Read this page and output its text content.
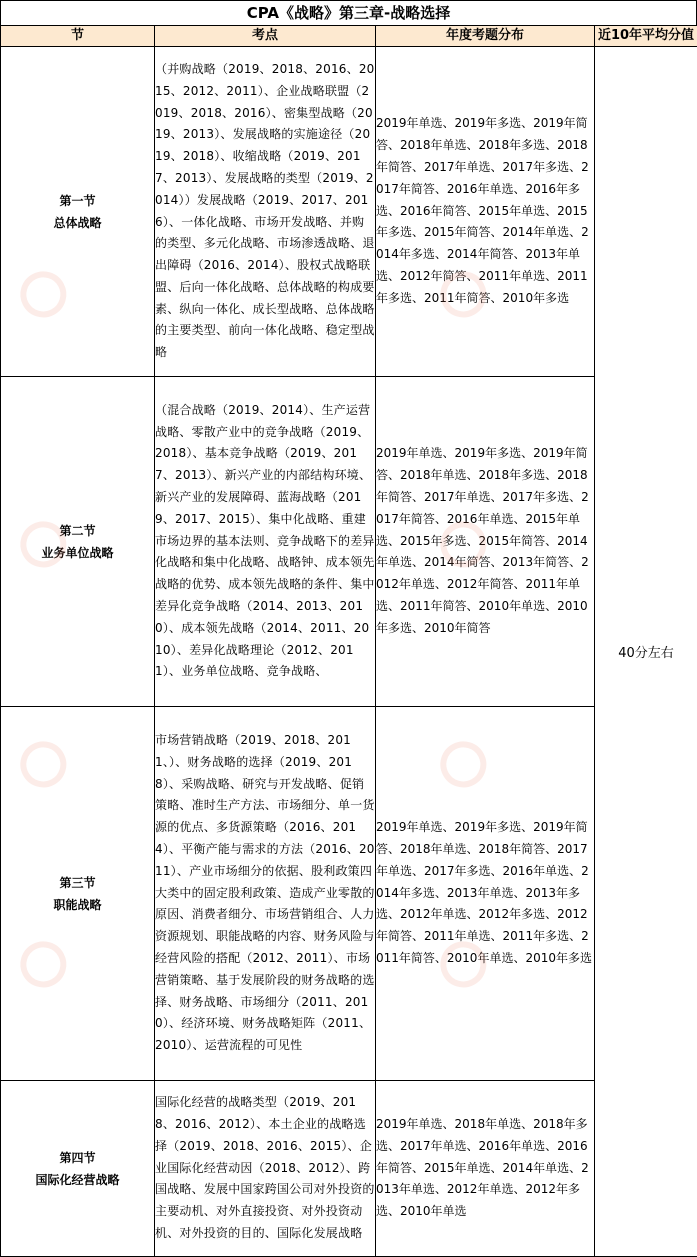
CPA《战略》第三章-战略选择
节	考点	年度考题分布	近10年平均分值

第一节
总体战略	（并购战略（2019、2018、2016、2015、2012、2011）、企业战略联盟（2019、2018、2016）、密集型战略（2019、2013）、发展战略的实施途径（2019、2018）、收缩战略（2019、2017、2013）、发展战略的类型（2019、2014））发展战略（2019、2017、2016）、一体化战略、市场开发战略、并购的类型、多元化战略、市场渗透战略、退出障碍（2016、2014）、股权式战略联盟、后向一体化战略、总体战略的构成要素、纵向一体化、成长型战略、总体战略的主要类型、前向一体化战略、稳定型战略	2019年单选、2019年多选、2019年简答、2018年单选、2018年多选、2018年简答、2017年单选、2017年多选、2017年简答、2016年单选、2016年多选、2016年简答、2015年单选、2015年多选、2015年简答、2014年单选、2014年多选、2014年简答、2013年单选、2012年简答、2011年单选、2011年多选、2011年简答、2010年多选	40分左右

第二节
业务单位战略	（混合战略（2019、2014）、生产运营战略、零散产业中的竞争战略（2019、2018）、基本竞争战略（2019、2017、2013）、新兴产业的内部结构环境、新兴产业的发展障碍、蓝海战略（2019、2017、2015）、集中化战略、重建市场边界的基本法则、竞争战略下的差异化战略和集中化战略、战略钟、成本领先战略的优势、成本领先战略的条件、集中差异化竞争战略（2014、2013、2010）、成本领先战略（2014、2011、2010）、差异化战略理论（2012、2011）、业务单位战略、竞争战略、	2019年单选、2019年多选、2019年简答、2018年单选、2018年多选、2018年简答、2017年单选、2017年多选、2017年简答、2016年单选、2015年单选、2015年多选、2015年简答、2014年单选、2014年简答、2013年简答、2012年单选、2012年简答、2011年单选、2011年简答、2010年单选、2010年多选、2010年简答	

第三节
职能战略	市场营销战略（2019、2018、2011、）、财务战略的选择（2019、2018）、采购战略、研究与开发战略、促销策略、准时生产方法、市场细分、单一货源的优点、多货源策略（2016、2014）、平衡产能与需求的方法（2016、2011）、产业市场细分的依据、股利政策四大类中的固定股利政策、造成产业零散的原因、消费者细分、市场营销组合、人力资源规划、职能战略的内容、财务风险与经营风险的搭配（2012、2011）、市场营销策略、基于发展阶段的财务战略的选择、财务战略、市场细分（2011、2010）、经济环境、财务战略矩阵（2011、2010）、运营流程的可见性	2019年单选、2019年多选、2019年简答、2018年单选、2018年简答、2017年单选、2017年多选、2016年单选、2014年多选、2013年单选、2013年多选、2012年单选、2012年多选、2012年简答、2011年单选、2011年多选、2011年简答、2010年单选、2010年多选	

第四节
国际化经营战略	国际化经营的战略类型（2019、2018、2016、2012）、本土企业的战略选择（2019、2018、2016、2015）、企业国际化经营动因（2018、2012）、跨国战略、发展中国家跨国公司对外投资的主要动机、对外直接投资、对外投资动机、对外投资的目的、国际化发展战略	2019年单选、2018年单选、2018年多选、2017年单选、2016年单选、2016年简答、2015年单选、2014年单选、2013年单选、2012年单选、2012年多选、2010年单选	
